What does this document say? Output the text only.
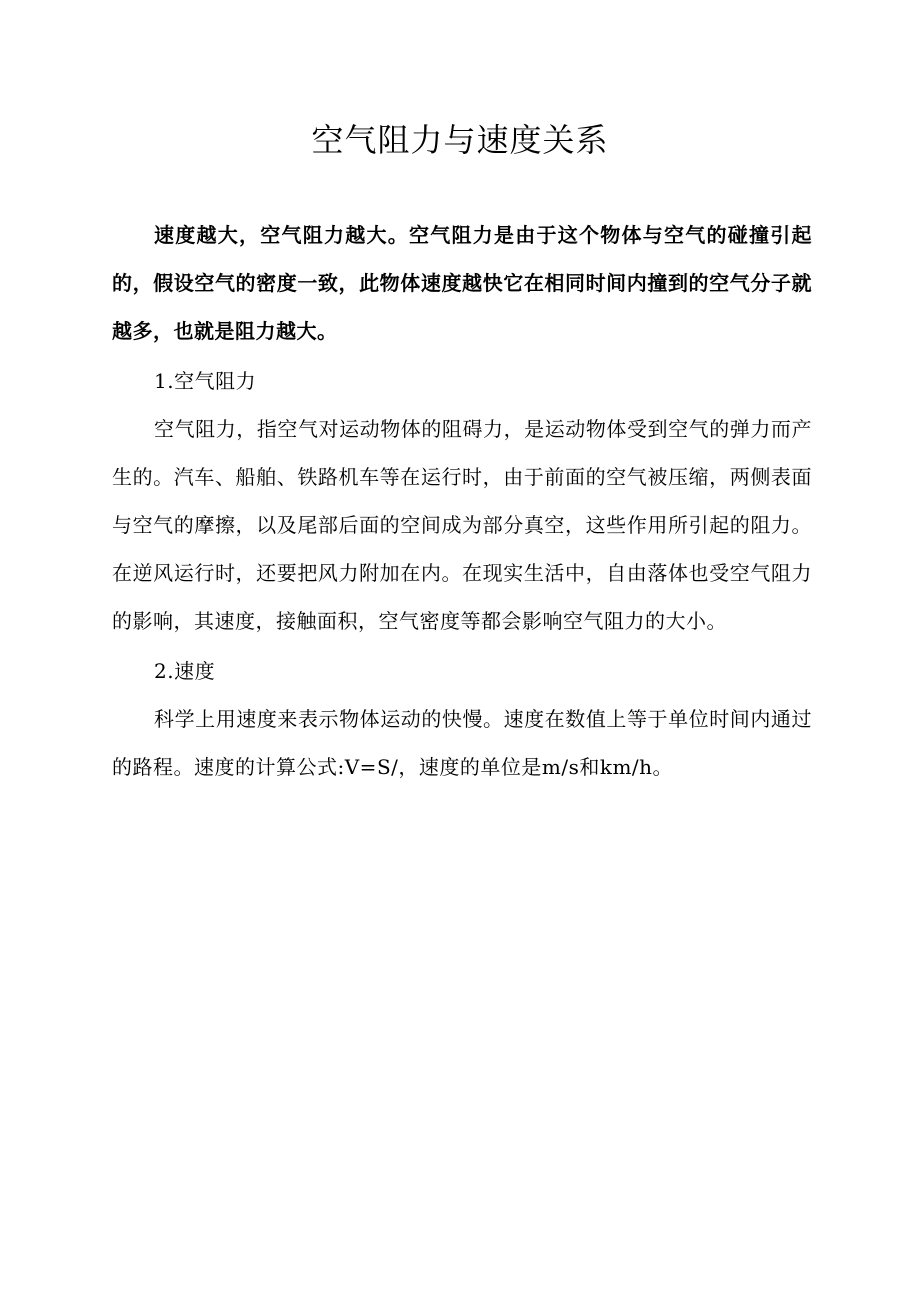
空气阻力与速度关系

速度越大，空气阻力越大。空气阻力是由于这个物体与空气的碰撞引起的，假设空气的密度一致，此物体速度越快它在相同时间内撞到的空气分子就越多，也就是阻力越大。

1.空气阻力

空气阻力，指空气对运动物体的阻碍力，是运动物体受到空气的弹力而产生的。汽车、船舶、铁路机车等在运行时，由于前面的空气被压缩，两侧表面与空气的摩擦，以及尾部后面的空间成为部分真空，这些作用所引起的阻力。在逆风运行时，还要把风力附加在内。在现实生活中，自由落体也受空气阻力的影响，其速度，接触面积，空气密度等都会影响空气阻力的大小。

2.速度

科学上用速度来表示物体运动的快慢。速度在数值上等于单位时间内通过的路程。速度的计算公式:V=S/，速度的单位是m/s和km/h。
